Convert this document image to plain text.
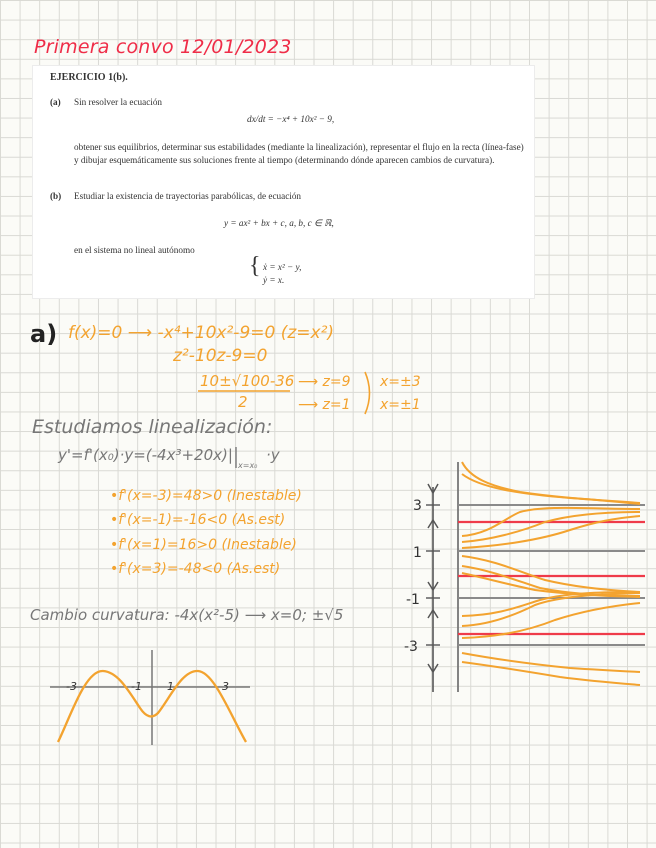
Primera convo 12/01/2023
EJERCICIO 1(b).
(a) Sin resolver la ecuación
dx/dt = −x⁴ + 10x² − 9,
obtener sus equilibrios, determinar sus estabilidades (mediante la linealización), representar el flujo en la recta (línea-fase) y dibujar esquemáticamente sus soluciones frente al tiempo (determinando dónde aparecen cambios de curvatura).
(b) Estudiar la existencia de trayectorias parabólicas, de ecuación
y = ax² + bx + c, a, b, c ∈ ℝ,
en el sistema no lineal autónomo
{ ẋ = x² − y,
ẏ = x.
a) f(x)=0 ⟶ -x⁴+10x²-9=0 (z=x²)
z²-10z-9=0
10±√100-36
2
⟶ z=9
⟶ z=1
x=±3
x=±1
Estudiamos linealización:
y'=f'(x₀)·y=(-4x³+20x)|
x=x₀
·y
•f'(x=-3)=48>0 (Inestable)
•f'(x=-1)=-16<0 (As.est)
•f'(x=1)=16>0 (Inestable)
•f'(x=3)=-48<0 (As.est)
Cambio curvatura: -4x(x²-5) ⟶ x=0; ±√5
-3	-1 1	3
3
1
-1
-3
